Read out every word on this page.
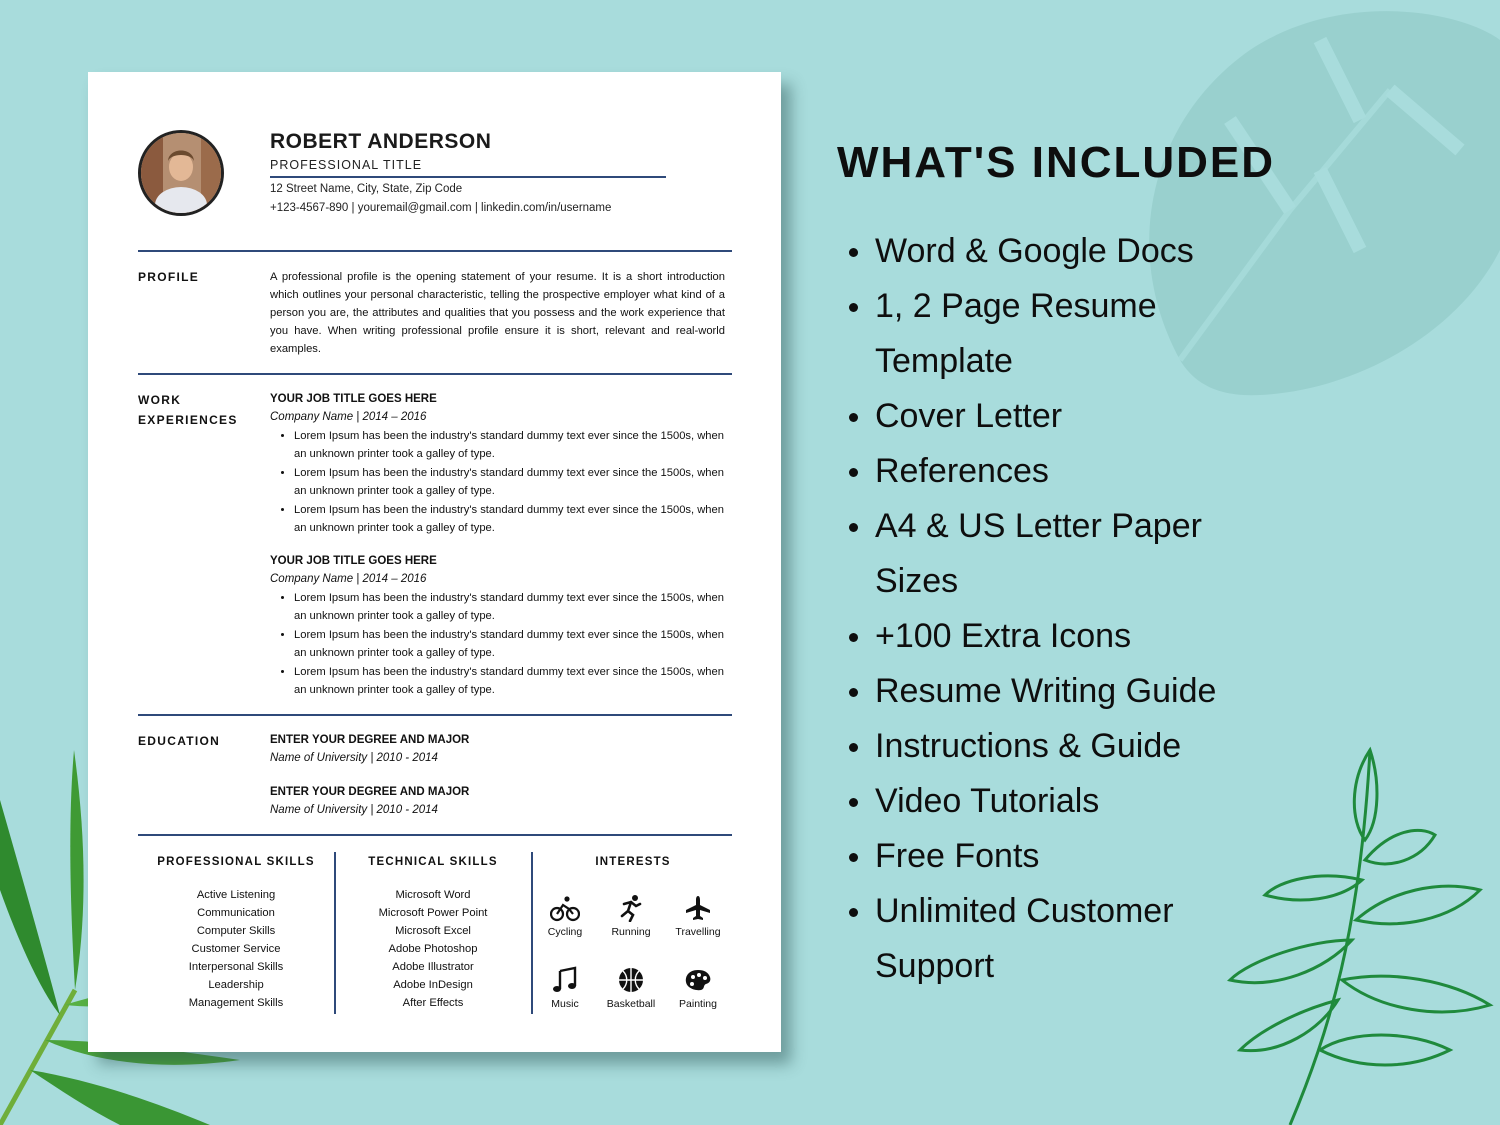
ROBERT ANDERSON
PROFESSIONAL TITLE
12 Street Name, City, State, Zip Code
+123-4567-890 | youremail@gmail.com | linkedin.com/in/username
PROFILE	A professional profile is the opening statement of your resume. It is a short introduction which outlines your personal characteristic, telling the prospective employer what kind of a person you are, the attributes and qualities that you possess and the work experience that you have. When writing professional profile ensure it is short, relevant and real-world examples.
WORK
EXPERIENCES
YOUR JOB TITLE GOES HERE
Company Name | 2014 – 2016
• Lorem Ipsum has been the industry's standard dummy text ever since the 1500s, when an unknown printer took a galley of type.
• Lorem Ipsum has been the industry's standard dummy text ever since the 1500s, when an unknown printer took a galley of type.
• Lorem Ipsum has been the industry's standard dummy text ever since the 1500s, when an unknown printer took a galley of type.
YOUR JOB TITLE GOES HERE
Company Name | 2014 – 2016
• Lorem Ipsum has been the industry's standard dummy text ever since the 1500s, when an unknown printer took a galley of type.
• Lorem Ipsum has been the industry's standard dummy text ever since the 1500s, when an unknown printer took a galley of type.
• Lorem Ipsum has been the industry's standard dummy text ever since the 1500s, when an unknown printer took a galley of type.
EDUCATION	ENTER YOUR DEGREE AND MAJOR
Name of University | 2010 - 2014
ENTER YOUR DEGREE AND MAJOR
Name of University | 2010 - 2014
PROFESSIONAL SKILLS
Active Listening
Communication
Computer Skills
Customer Service
Interpersonal Skills
Leadership
Management Skills
TECHNICAL SKILLS
Microsoft Word
Microsoft Power Point
Microsoft Excel
Adobe Photoshop
Adobe Illustrator
Adobe InDesign
After Effects
INTERESTS
Cycling	Running	Travelling
Music	Basketball	Painting
WHAT'S INCLUDED
Word & Google Docs
1, 2 Page Resume Template
Cover Letter
References
A4 & US Letter Paper Sizes
+100 Extra Icons
Resume Writing Guide
Instructions & Guide
Video Tutorials
Free Fonts
Unlimited Customer Support
